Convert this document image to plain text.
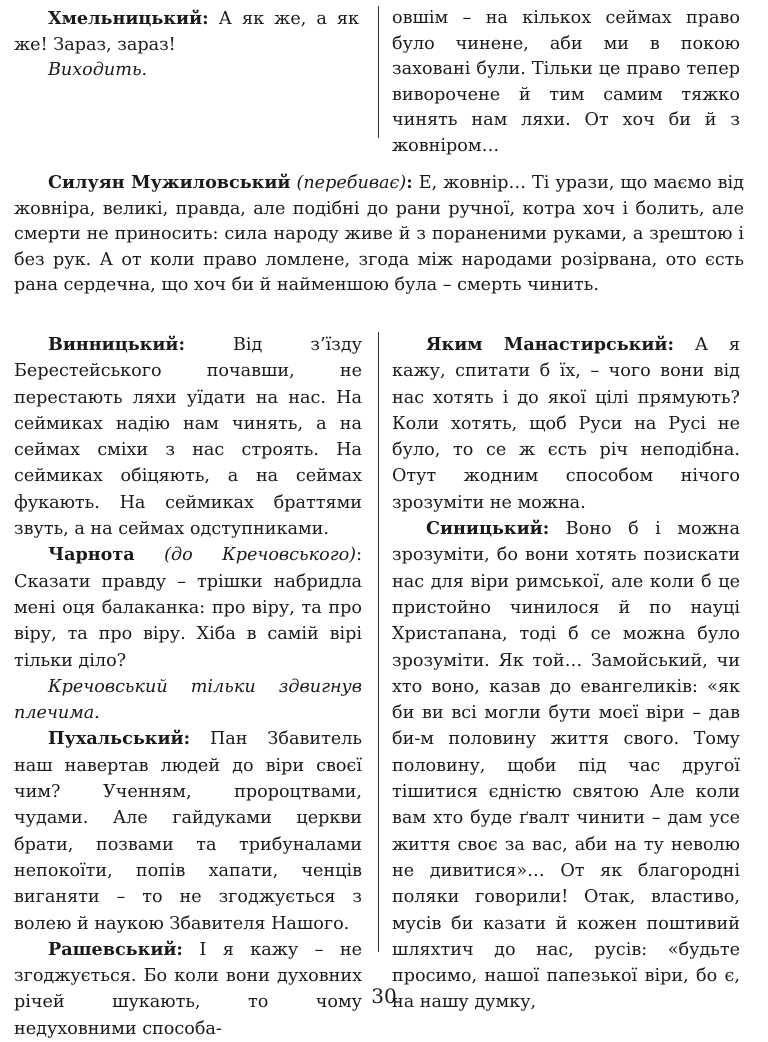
Хмельницький: А як же, а як же! Зараз, зараз!

Виходить.

овшім – на кількох сеймах право було чинене, аби ми в покою заховані були. Тільки це право тепер виворочене й тим самим тяжко чинять нам ляхи. От хоч би й з жовніром…

Силуян Мужиловський (перебиває): Е, жовнір… Ті урази, що маємо від жовніра, великі, правда, але подібні до рани ручної, котра хоч і болить, але смерти не приносить: сила народу живе й з пораненими руками, а зрештою і без рук. А от коли право ломлене, згода між народами розірвана, ото єсть рана сердечна, що хоч би й найменшою була – смерть чинить.

Винницький: Від з’їзду Берестейського почавши, не перестають ляхи уїдати на нас. На сеймиках надію нам чинять, а на сеймах сміхи з нас строять. На сеймиках обіцяють, а на сеймах фукають. На сеймиках браттями звуть, а на сеймах одступниками.

Чарнота (до Кречовського): Сказати правду – трішки набридла мені оця балаканка: про віру, та про віру, та про віру. Хіба в самій вірі тільки діло?

Кречовський тільки здвигнув плечима.

Пухальський: Пан Збавитель наш навертав людей до віри своєї чим? Ученням, пророцтвами, чудами. Але гайдуками церкви брати, позвами та трибуналами непокоїти, попів хапати, ченців виганяти – то не згоджується з волею й наукою Збавителя Нашого.

Рашевський: І я кажу – не згоджується. Бо коли вони духовних річей шукають, то чому недуховними способа-

Яким Манастирський: А я кажу, спитати б їх, – чого вони від нас хотять і до якої цілі прямують? Коли хотять, щоб Руси на Русі не було, то се ж єсть річ неподібна. Отут жодним способом нічого зрозуміти не можна.

Синицький: Воно б і можна зрозуміти, бо вони хотять позискати нас для віри римської, але коли б це пристойно чинилося й по науці Христапана, тоді б се можна було зрозуміти. Як той… Замойський, чи хто воно, казав до евангеликів: «як би ви всі могли бути моєї віри – дав би-м половину життя свого. Тому половину, щоби під час другої тішитися єдністю святою Але коли вам хто буде ґвалт чинити – дам усе життя своє за вас, аби на ту неволю не дивитися»… От як благородні поляки говорили! Отак, властиво, мусів би казати й кожен поштивий шляхтич до нас, русів: «будьте просимо, нашої папезької віри, бо є, на нашу думку,

30
